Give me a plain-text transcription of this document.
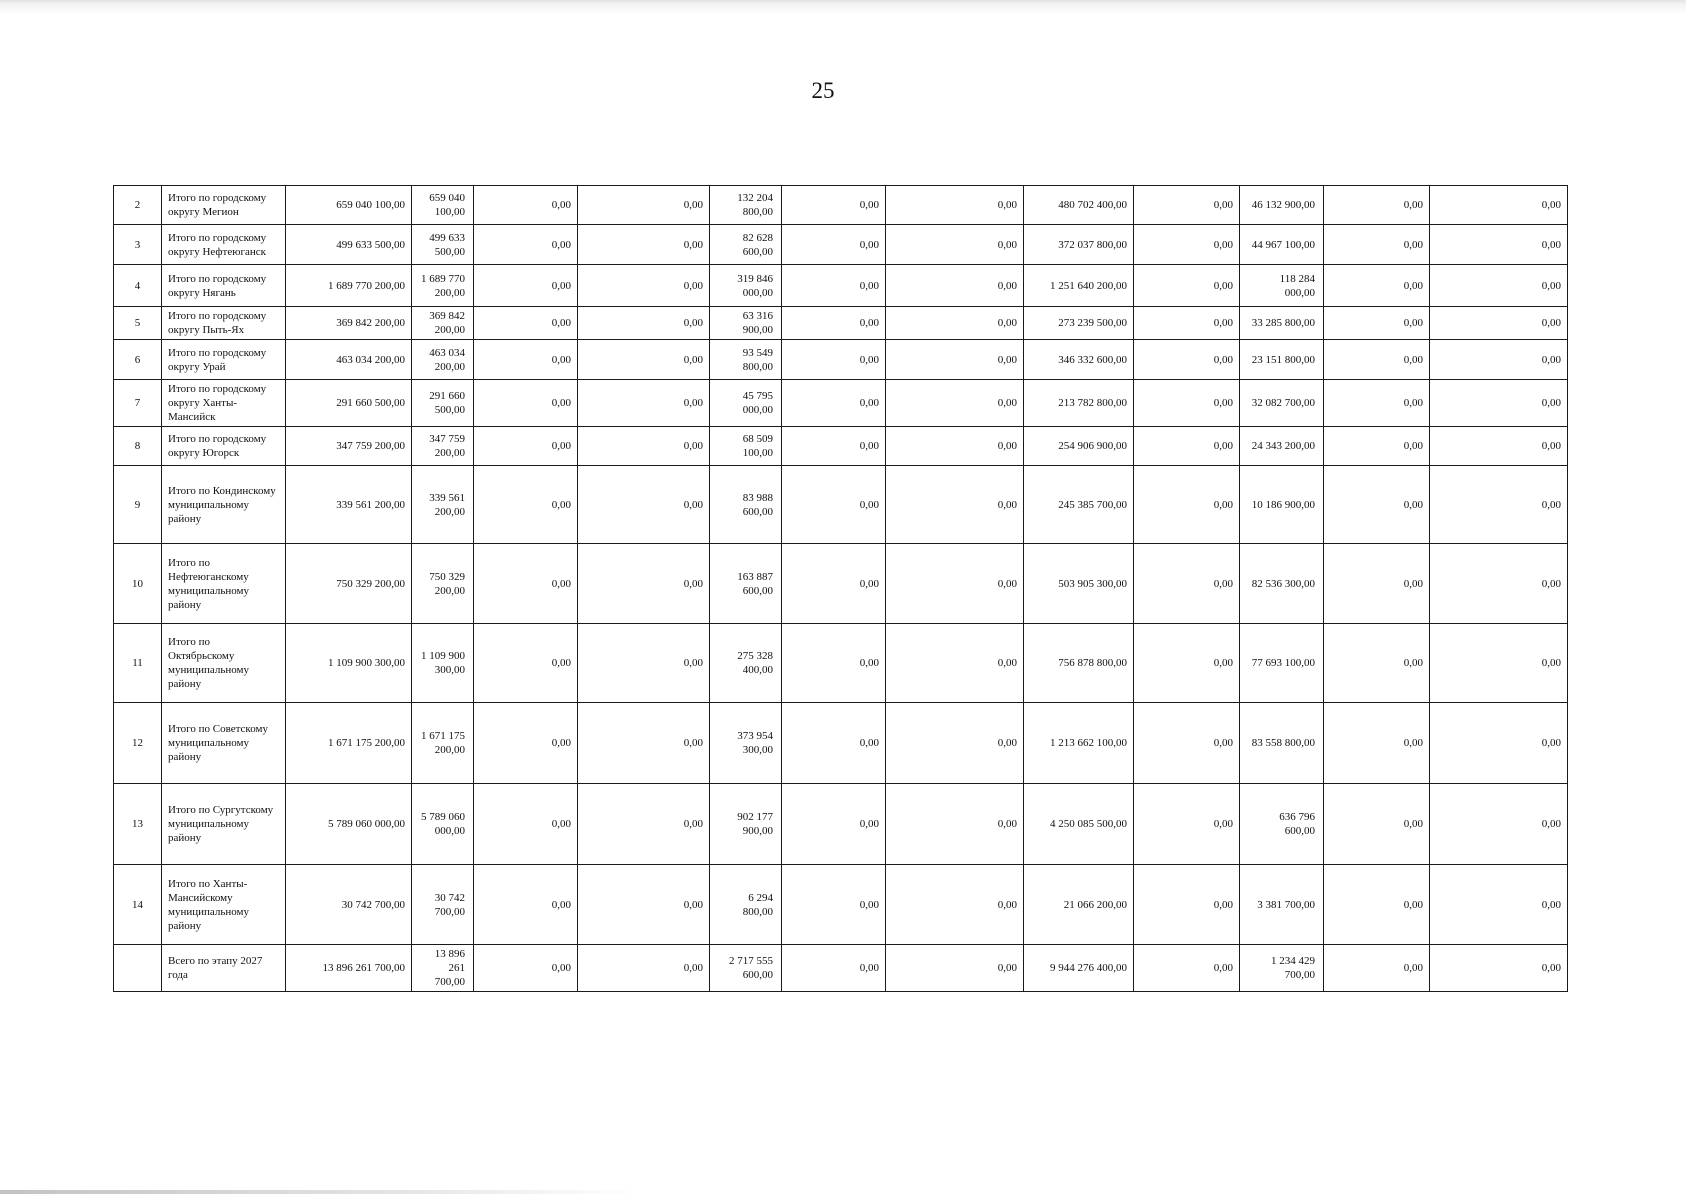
25
2	Итого по городскому округу Мегион	659 040 100,00	659 040 100,00	0,00	0,00	132 204 800,00	0,00	0,00	480 702 400,00	0,00	46 132 900,00	0,00	0,00
3	Итого по городскому округу Нефтеюганск	499 633 500,00	499 633 500,00	0,00	0,00	82 628 600,00	0,00	0,00	372 037 800,00	0,00	44 967 100,00	0,00	0,00
4	Итого по городскому округу Нягань	1 689 770 200,00	1 689 770 200,00	0,00	0,00	319 846 000,00	0,00	0,00	1 251 640 200,00	0,00	118 284 000,00	0,00	0,00
5	Итого по городскому округу Пыть-Ях	369 842 200,00	369 842 200,00	0,00	0,00	63 316 900,00	0,00	0,00	273 239 500,00	0,00	33 285 800,00	0,00	0,00
6	Итого по городскому округу Урай	463 034 200,00	463 034 200,00	0,00	0,00	93 549 800,00	0,00	0,00	346 332 600,00	0,00	23 151 800,00	0,00	0,00
7	Итого по городскому округу Ханты-Мансийск	291 660 500,00	291 660 500,00	0,00	0,00	45 795 000,00	0,00	0,00	213 782 800,00	0,00	32 082 700,00	0,00	0,00
8	Итого по городскому округу Югорск	347 759 200,00	347 759 200,00	0,00	0,00	68 509 100,00	0,00	0,00	254 906 900,00	0,00	24 343 200,00	0,00	0,00
9	Итого по Кондинскому муниципальному району	339 561 200,00	339 561 200,00	0,00	0,00	83 988 600,00	0,00	0,00	245 385 700,00	0,00	10 186 900,00	0,00	0,00
10	Итого по Нефтеюганскому муниципальному району	750 329 200,00	750 329 200,00	0,00	0,00	163 887 600,00	0,00	0,00	503 905 300,00	0,00	82 536 300,00	0,00	0,00
11	Итого по Октябрьскому муниципальному району	1 109 900 300,00	1 109 900 300,00	0,00	0,00	275 328 400,00	0,00	0,00	756 878 800,00	0,00	77 693 100,00	0,00	0,00
12	Итого по Советскому муниципальному району	1 671 175 200,00	1 671 175 200,00	0,00	0,00	373 954 300,00	0,00	0,00	1 213 662 100,00	0,00	83 558 800,00	0,00	0,00
13	Итого по Сургутскому муниципальному району	5 789 060 000,00	5 789 060 000,00	0,00	0,00	902 177 900,00	0,00	0,00	4 250 085 500,00	0,00	636 796 600,00	0,00	0,00
14	Итого по Ханты-Мансийскому муниципальному району	30 742 700,00	30 742 700,00	0,00	0,00	6 294 800,00	0,00	0,00	21 066 200,00	0,00	3 381 700,00	0,00	0,00
	Всего по этапу 2027 года	13 896 261 700,00	13 896 261 700,00	0,00	0,00	2 717 555 600,00	0,00	0,00	9 944 276 400,00	0,00	1 234 429 700,00	0,00	0,00
